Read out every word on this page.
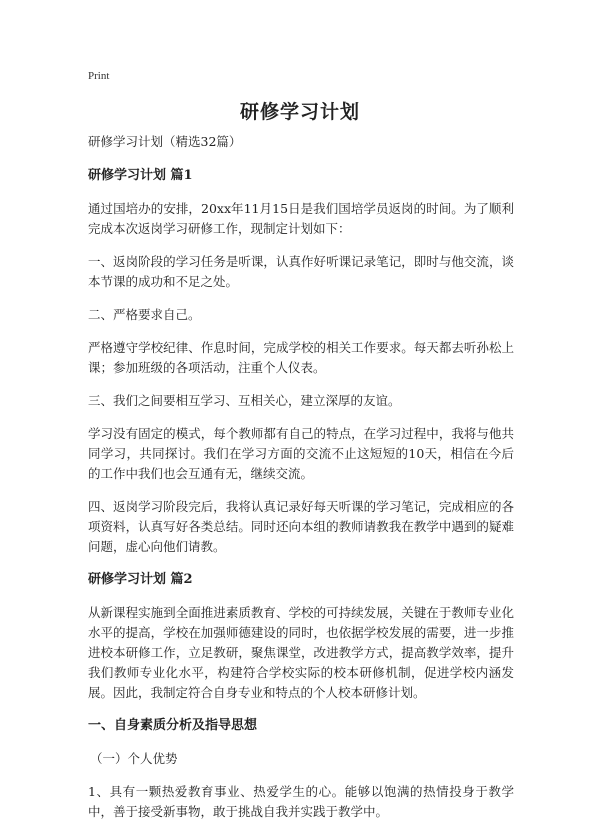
Print
研修学习计划

研修学习计划（精选32篇）

研修学习计划 篇1

通过国培办的安排，20xx年11月15日是我们国培学员返岗的时间。为了顺利完成本次返岗学习研修工作，现制定计划如下：

一、返岗阶段的学习任务是听课，认真作好听课记录笔记，即时与他交流，谈本节课的成功和不足之处。

二、严格要求自己。

严格遵守学校纪律、作息时间，完成学校的相关工作要求。每天都去听孙松上课；参加班级的各项活动，注重个人仪表。

三、我们之间要相互学习、互相关心，建立深厚的友谊。

学习没有固定的模式，每个教师都有自己的特点，在学习过程中，我将与他共同学习，共同探讨。我们在学习方面的交流不止这短短的10天，相信在今后的工作中我们也会互通有无，继续交流。

四、返岗学习阶段完后，我将认真记录好每天听课的学习笔记，完成相应的各项资料，认真写好各类总结。同时还向本组的教师请教我在教学中遇到的疑难问题，虚心向他们请教。

研修学习计划 篇2

从新课程实施到全面推进素质教育、学校的可持续发展，关键在于教师专业化水平的提高，学校在加强师德建设的同时，也依据学校发展的需要，进一步推进校本研修工作，立足教研，聚焦课堂，改进教学方式，提高教学效率，提升我们教师专业化水平，构建符合学校实际的校本研修机制，促进学校内涵发展。因此，我制定符合自身专业和特点的个人校本研修计划。

一、自身素质分析及指导思想

（一）个人优势

1、具有一颗热爱教育事业、热爱学生的心。能够以饱满的热情投身于教学中，善于接受新事物，敢于挑战自我并实践于教学中。
